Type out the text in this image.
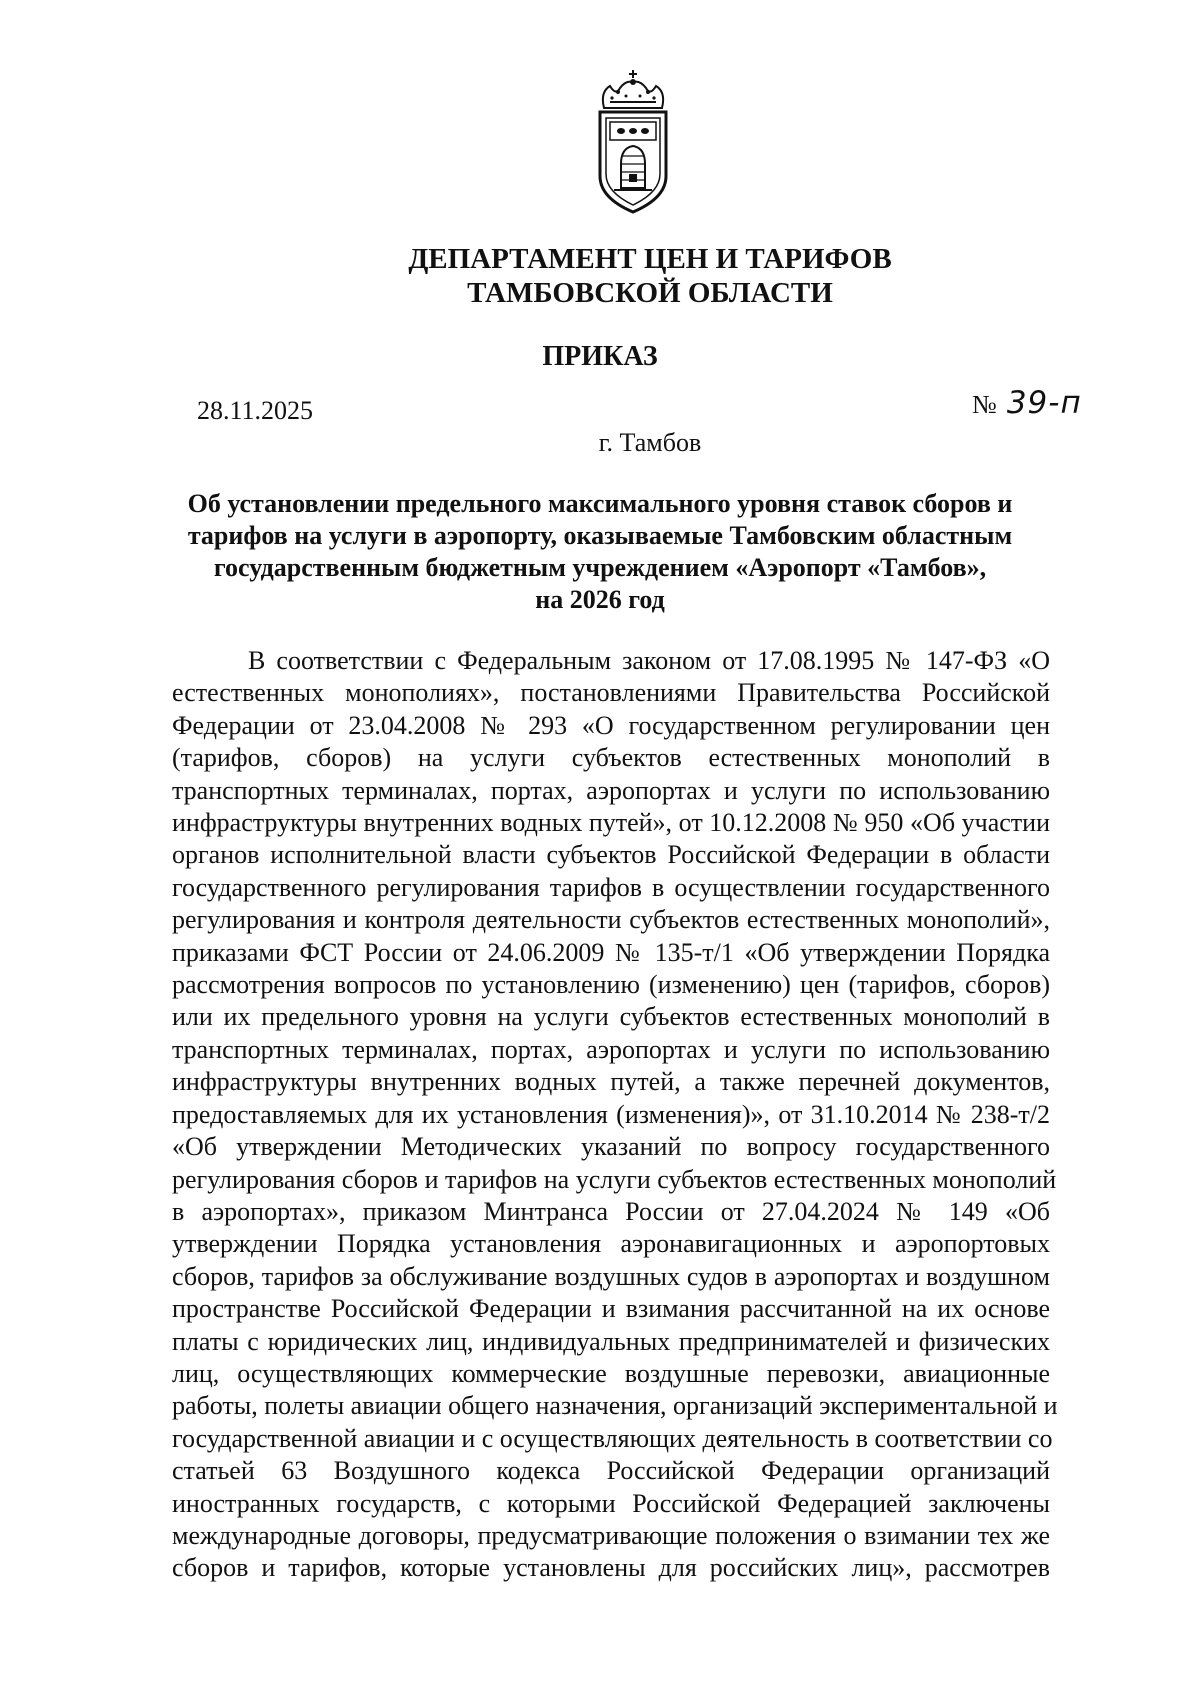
ДЕПАРТАМЕНТ ЦЕН И ТАРИФОВ
ТАМБОВСКОЙ ОБЛАСТИ
ПРИКАЗ
28.11.2025	№ 39-п
г. Тамбов
Об установлении предельного максимального уровня ставок сборов и
тарифов на услуги в аэропорту, оказываемые Тамбовским областным
государственным бюджетным учреждением «Аэропорт «Тамбов»,
на 2026 год
В соответствии с Федеральным законом от 17.08.1995 № 147-ФЗ «О
естественных монополиях», постановлениями Правительства Российской
Федерации от 23.04.2008 № 293 «О государственном регулировании цен
(тарифов, сборов) на услуги субъектов естественных монополий в
транспортных терминалах, портах, аэропортах и услуги по использованию
инфраструктуры внутренних водных путей», от 10.12.2008 № 950 «Об участии
органов исполнительной власти субъектов Российской Федерации в области
государственного регулирования тарифов в осуществлении государственного
регулирования и контроля деятельности субъектов естественных монополий»,
приказами ФСТ России от 24.06.2009 № 135-т/1 «Об утверждении Порядка
рассмотрения вопросов по установлению (изменению) цен (тарифов, сборов)
или их предельного уровня на услуги субъектов естественных монополий в
транспортных терминалах, портах, аэропортах и услуги по использованию
инфраструктуры внутренних водных путей, а также перечней документов,
предоставляемых для их установления (изменения)», от 31.10.2014 № 238-т/2
«Об утверждении Методических указаний по вопросу государственного
регулирования сборов и тарифов на услуги субъектов естественных монополий
в аэропортах», приказом Минтранса России от 27.04.2024 № 149 «Об
утверждении Порядка установления аэронавигационных и аэропортовых
сборов, тарифов за обслуживание воздушных судов в аэропортах и воздушном
пространстве Российской Федерации и взимания рассчитанной на их основе
платы с юридических лиц, индивидуальных предпринимателей и физических
лиц, осуществляющих коммерческие воздушные перевозки, авиационные
работы, полеты авиации общего назначения, организаций экспериментальной и
государственной авиации и с осуществляющих деятельность в соответствии со
статьей 63 Воздушного кодекса Российской Федерации организаций
иностранных государств, с которыми Российской Федерацией заключены
международные договоры, предусматривающие положения о взимании тех же
сборов и тарифов, которые установлены для российских лиц», рассмотрев
